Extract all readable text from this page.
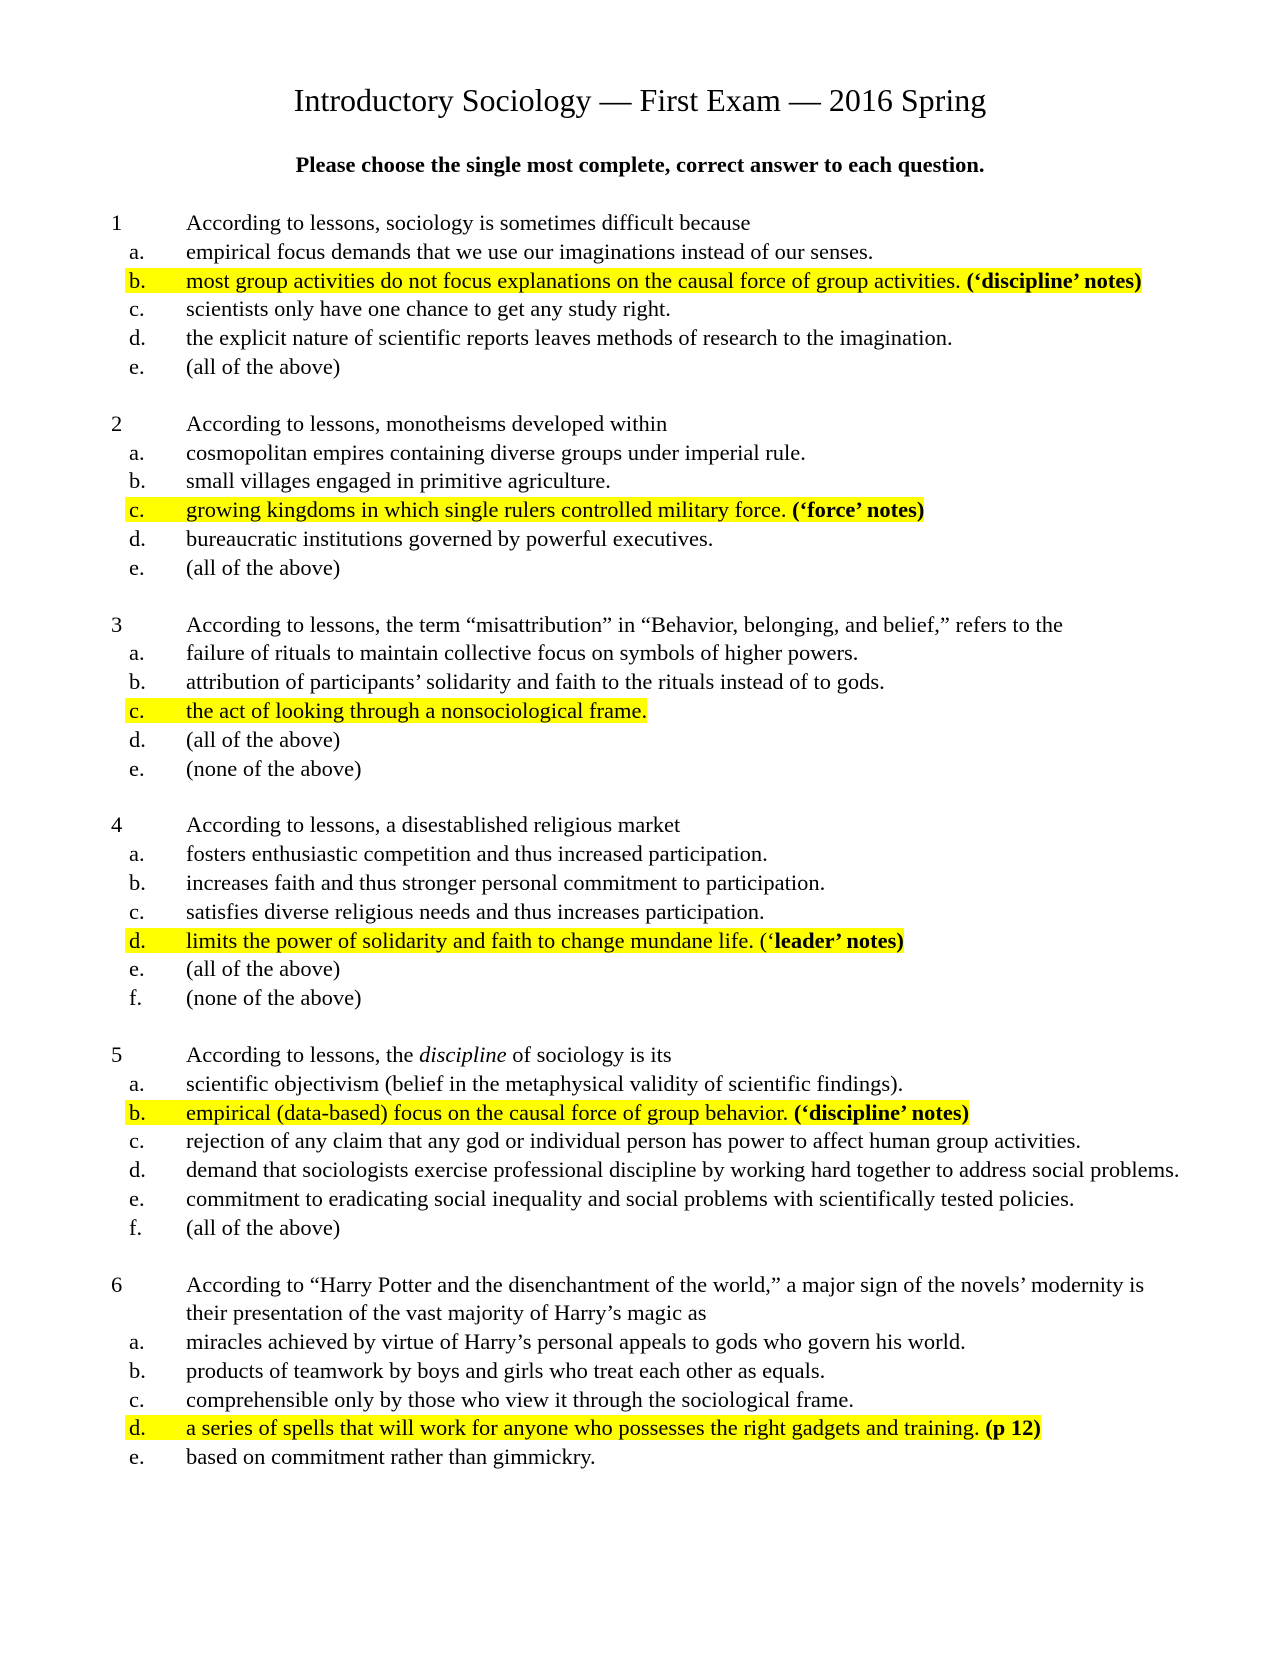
Introductory Sociology — First Exam — 2016 Spring
Please choose the single most complete, correct answer to each question.
1	According to lessons, sociology is sometimes difficult because
a.	empirical focus demands that we use our imaginations instead of our senses.
b.	most group activities do not focus explanations on the causal force of group activities. (‘discipline’ notes)
c.	scientists only have one chance to get any study right.
d.	the explicit nature of scientific reports leaves methods of research to the imagination.
e.	(all of the above)
2	According to lessons, monotheisms developed within
a.	cosmopolitan empires containing diverse groups under imperial rule.
b.	small villages engaged in primitive agriculture.
c.	growing kingdoms in which single rulers controlled military force. (‘force’ notes)
d.	bureaucratic institutions governed by powerful executives.
e.	(all of the above)
3	According to lessons, the term “misattribution” in “Behavior, belonging, and belief,” refers to the
a.	failure of rituals to maintain collective focus on symbols of higher powers.
b.	attribution of participants’ solidarity and faith to the rituals instead of to gods.
c.	the act of looking through a nonsociological frame.
d.	(all of the above)
e.	(none of the above)
4	According to lessons, a disestablished religious market
a.	fosters enthusiastic competition and thus increased participation.
b.	increases faith and thus stronger personal commitment to participation.
c.	satisfies diverse religious needs and thus increases participation.
d.	limits the power of solidarity and faith to change mundane life. (‘leader’ notes)
e.	(all of the above)
f.	(none of the above)
5	According to lessons, the discipline of sociology is its
a.	scientific objectivism (belief in the metaphysical validity of scientific findings).
b.	empirical (data-based) focus on the causal force of group behavior. (‘discipline’ notes)
c.	rejection of any claim that any god or individual person has power to affect human group activities.
d.	demand that sociologists exercise professional discipline by working hard together to address social problems.
e.	commitment to eradicating social inequality and social problems with scientifically tested policies.
f.	(all of the above)
6	According to “Harry Potter and the disenchantment of the world,” a major sign of the novels’ modernity is their presentation of the vast majority of Harry’s magic as
a.	miracles achieved by virtue of Harry’s personal appeals to gods who govern his world.
b.	products of teamwork by boys and girls who treat each other as equals.
c.	comprehensible only by those who view it through the sociological frame.
d.	a series of spells that will work for anyone who possesses the right gadgets and training. (p 12)
e.	based on commitment rather than gimmickry.
